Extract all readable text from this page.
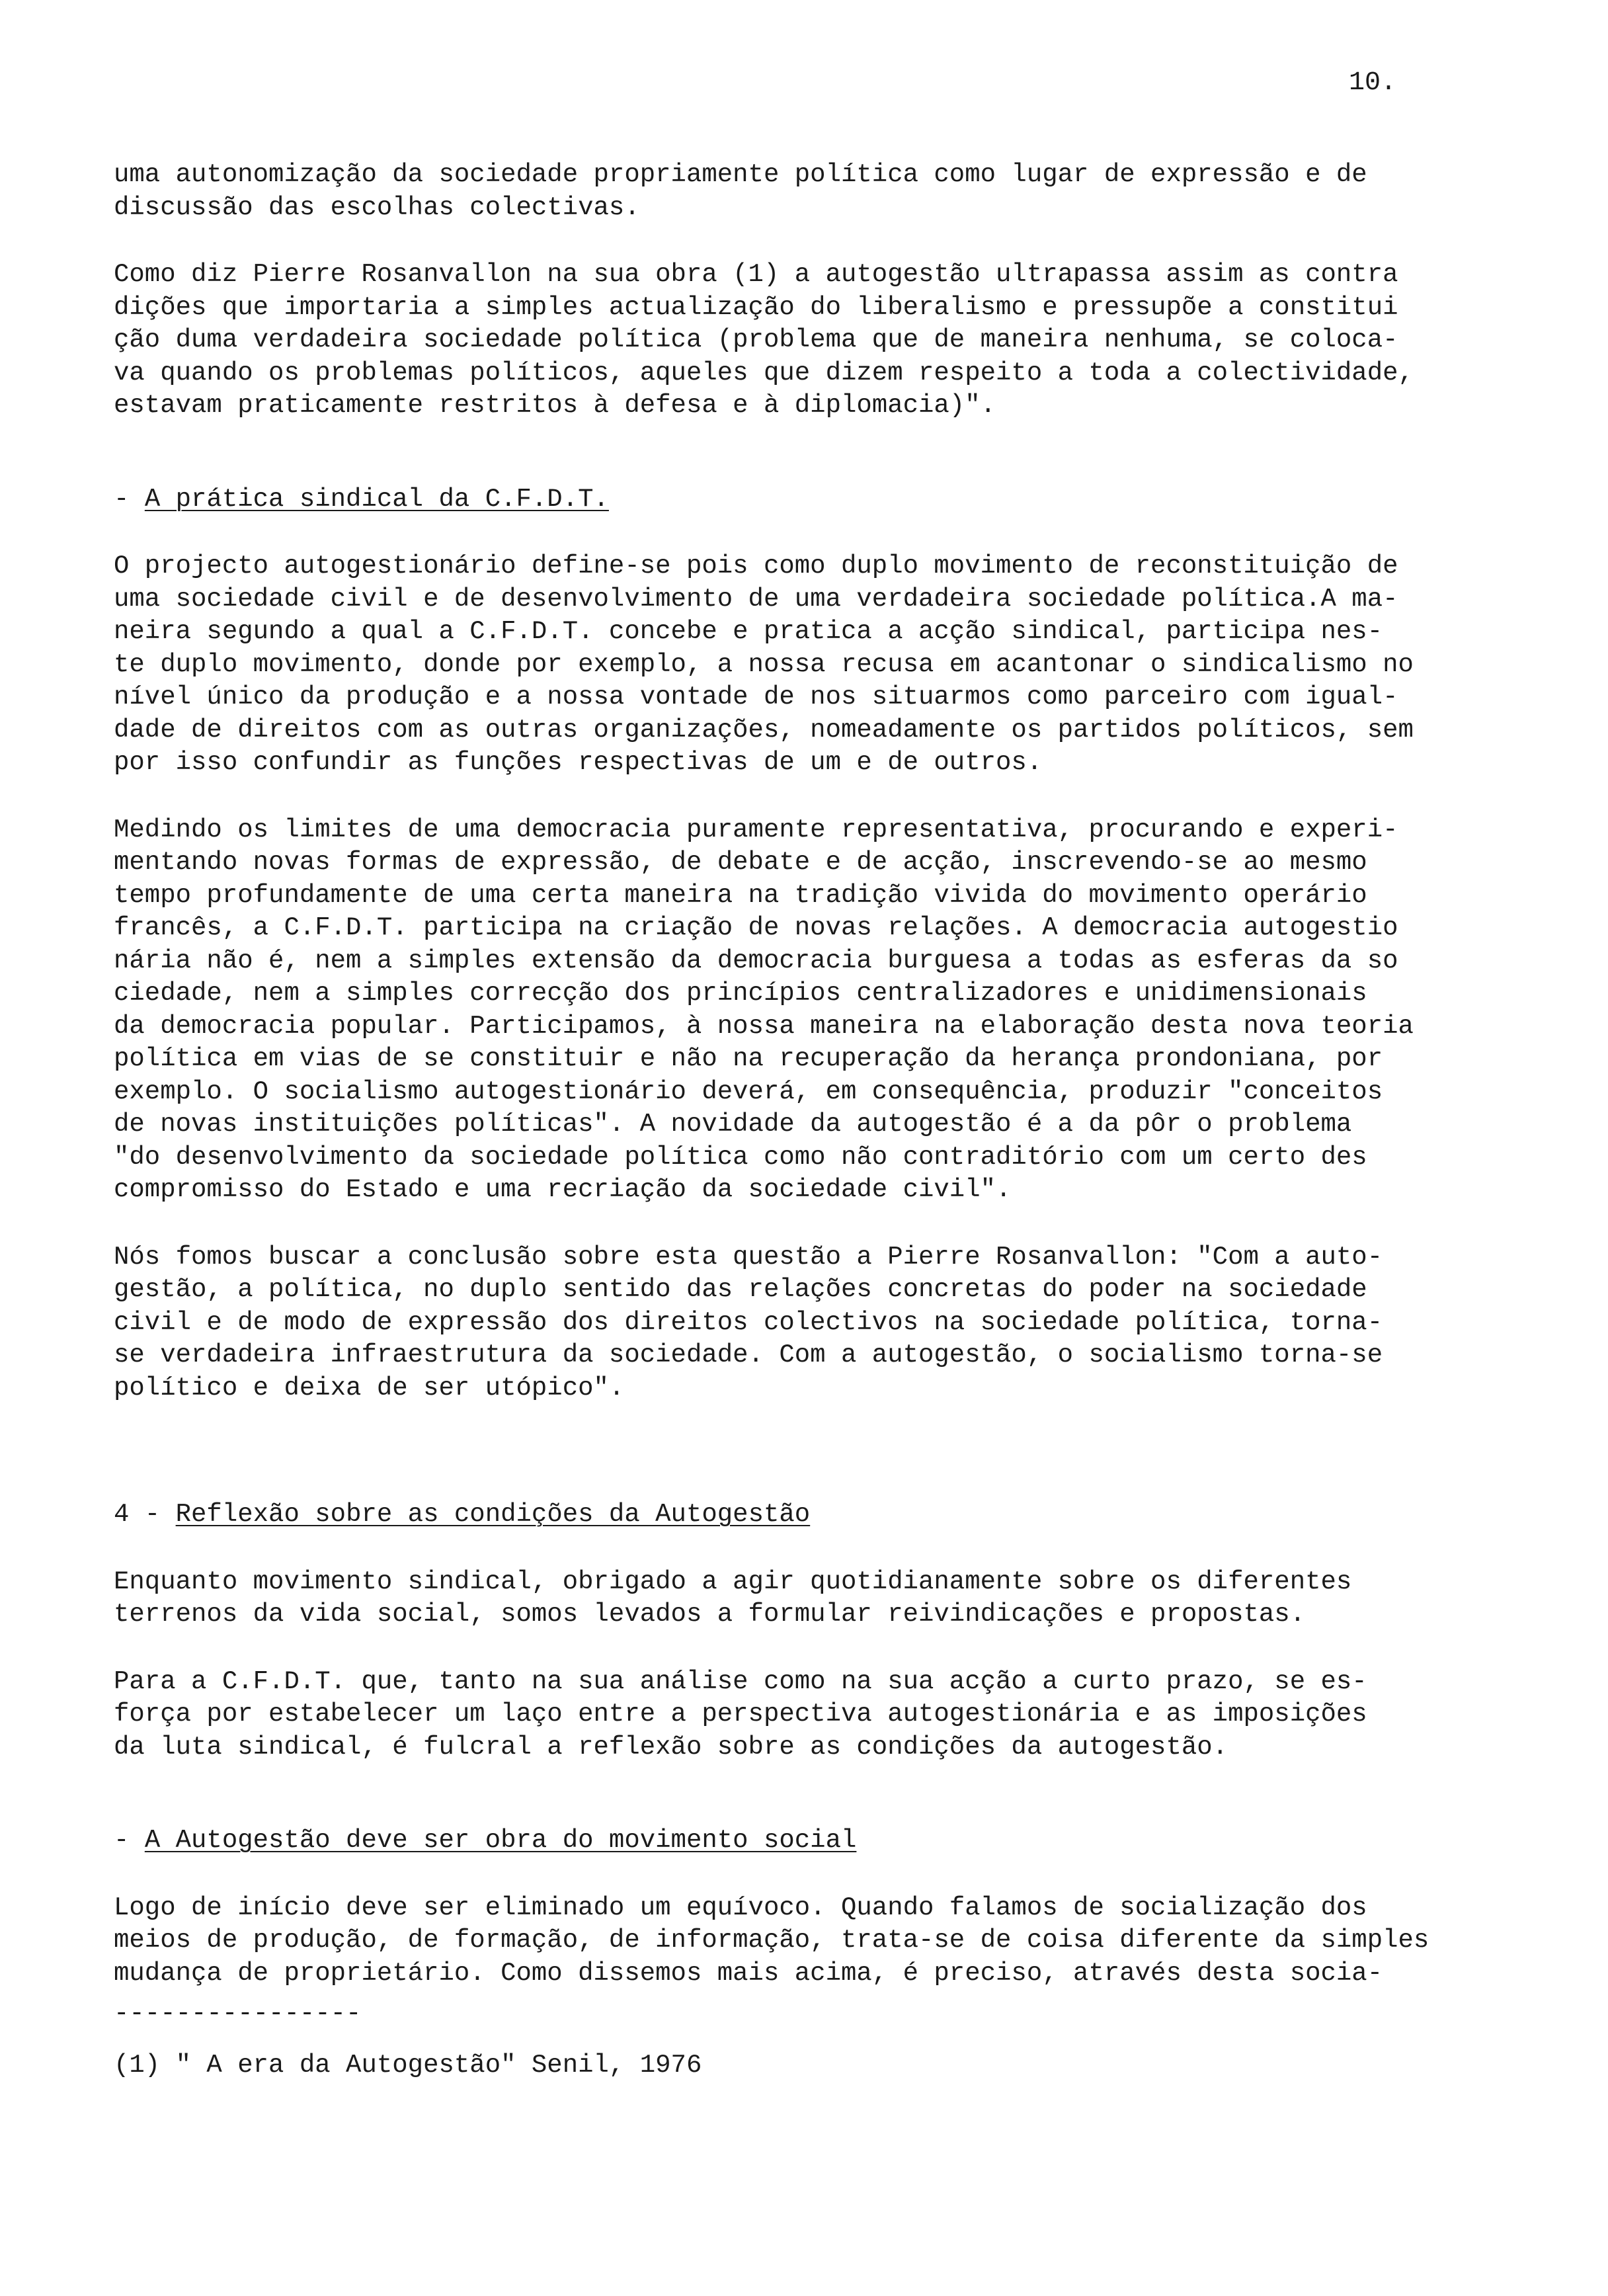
10.

uma autonomização da sociedade propriamente política como lugar de expressão e de
discussão das escolhas colectivas.

Como diz Pierre Rosanvallon na sua obra (1) a autogestão ultrapassa assim as contra
dições que importaria a simples actualização do liberalismo e pressupõe a constitui
ção duma verdadeira sociedade política (problema que de maneira nenhuma, se coloca-
va quando os problemas políticos, aqueles que dizem respeito a toda a colectividade,
estavam praticamente restritos à defesa e à diplomacia)".

- A prática sindical da C.F.D.T.

O projecto autogestionário define-se pois como duplo movimento de reconstituição de
uma sociedade civil e de desenvolvimento de uma verdadeira sociedade política.A ma-
neira segundo a qual a C.F.D.T. concebe e pratica a acção sindical, participa nes-
te duplo movimento, donde por exemplo, a nossa recusa em acantonar o sindicalismo no
nível único da produção e a nossa vontade de nos situarmos como parceiro com igual-
dade de direitos com as outras organizações, nomeadamente os partidos políticos, sem
por isso confundir as funções respectivas de um e de outros.

Medindo os limites de uma democracia puramente representativa, procurando e experi-
mentando novas formas de expressão, de debate e de acção, inscrevendo-se ao mesmo
tempo profundamente de uma certa maneira na tradição vivida do movimento operário
francês, a C.F.D.T. participa na criação de novas relações. A democracia autogestio
nária não é, nem a simples extensão da democracia burguesa a todas as esferas da so
ciedade, nem a simples correcção dos princípios centralizadores e unidimensionais
da democracia popular. Participamos, à nossa maneira na elaboração desta nova teoria
política em vias de se constituir e não na recuperação da herança prondoniana, por
exemplo. O socialismo autogestionário deverá, em consequência, produzir "conceitos
de novas instituições políticas". A novidade da autogestão é a da pôr o problema
"do desenvolvimento da sociedade política como não contraditório com um certo des
compromisso do Estado e uma recriação da sociedade civil".

Nós fomos buscar a conclusão sobre esta questão a Pierre Rosanvallon: "Com a auto-
gestão, a política, no duplo sentido das relações concretas do poder na sociedade
civil e de modo de expressão dos direitos colectivos na sociedade política, torna-
se verdadeira infraestrutura da sociedade. Com a autogestão, o socialismo torna-se
político e deixa de ser utópico".

4 - Reflexão sobre as condições da Autogestão

Enquanto movimento sindical, obrigado a agir quotidianamente sobre os diferentes
terrenos da vida social, somos levados a formular reivindicações e propostas.

Para a C.F.D.T. que, tanto na sua análise como na sua acção a curto prazo, se es-
força por estabelecer um laço entre a perspectiva autogestionária e as imposições
da luta sindical, é fulcral a reflexão sobre as condições da autogestão.

- A Autogestão deve ser obra do movimento social

Logo de início deve ser eliminado um equívoco. Quando falamos de socialização dos
meios de produção, de formação, de informação, trata-se de coisa diferente da simples
mudança de proprietário. Como dissemos mais acima, é preciso, através desta socia-

----------------
(1) " A era da Autogestão" Senil, 1976
